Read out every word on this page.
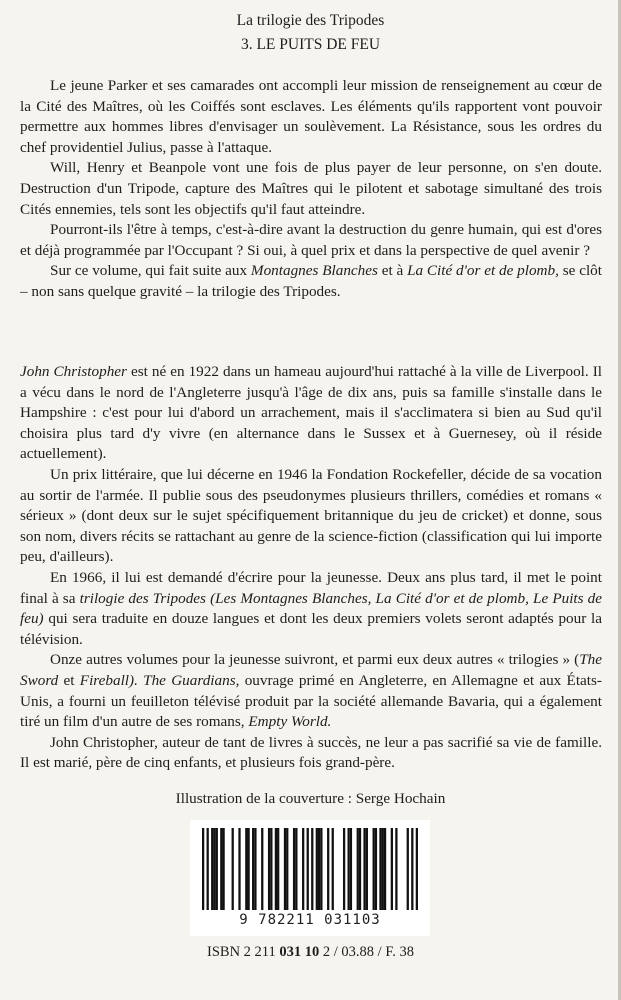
La trilogie des Tripodes
3. LE PUITS DE FEU

Le jeune Parker et ses camarades ont accompli leur mission de renseignement au cœur de la Cité des Maîtres, où les Coiffés sont esclaves. Les éléments qu'ils rapportent vont pouvoir permettre aux hommes libres d'envisager un soulèvement. La Résistance, sous les ordres du chef providentiel Julius, passe à l'attaque.

Will, Henry et Beanpole vont une fois de plus payer de leur personne, on s'en doute. Destruction d'un Tripode, capture des Maîtres qui le pilotent et sabotage simultané des trois Cités ennemies, tels sont les objectifs qu'il faut atteindre.

Pourront-ils l'être à temps, c'est-à-dire avant la destruction du genre humain, qui est d'ores et déjà programmée par l'Occupant ? Si oui, à quel prix et dans la perspective de quel avenir ?

Sur ce volume, qui fait suite aux Montagnes Blanches et à La Cité d'or et de plomb, se clôt – non sans quelque gravité – la trilogie des Tripodes.

John Christopher est né en 1922 dans un hameau aujourd'hui rattaché à la ville de Liverpool. Il a vécu dans le nord de l'Angleterre jusqu'à l'âge de dix ans, puis sa famille s'installe dans le Hampshire : c'est pour lui d'abord un arrachement, mais il s'acclimatera si bien au Sud qu'il choisira plus tard d'y vivre (en alternance dans le Sussex et à Guernesey, où il réside actuellement).

Un prix littéraire, que lui décerne en 1946 la Fondation Rockefeller, décide de sa vocation au sortir de l'armée. Il publie sous des pseudonymes plusieurs thrillers, comédies et romans « sérieux » (dont deux sur le sujet spécifiquement britannique du jeu de cricket) et donne, sous son nom, divers récits se rattachant au genre de la science-fiction (classification qui lui importe peu, d'ailleurs).

En 1966, il lui est demandé d'écrire pour la jeunesse. Deux ans plus tard, il met le point final à sa trilogie des Tripodes (Les Montagnes Blanches, La Cité d'or et de plomb, Le Puits de feu) qui sera traduite en douze langues et dont les deux premiers volets seront adaptés pour la télévision.

Onze autres volumes pour la jeunesse suivront, et parmi eux deux autres « trilogies » (The Sword et Fireball). The Guardians, ouvrage primé en Angleterre, en Allemagne et aux États-Unis, a fourni un feuilleton télévisé produit par la société allemande Bavaria, qui a également tiré un film d'un autre de ses romans, Empty World.

John Christopher, auteur de tant de livres à succès, ne leur a pas sacrifié sa vie de famille. Il est marié, père de cinq enfants, et plusieurs fois grand-père.

Illustration de la couverture : Serge Hochain
9 782211 031103
ISBN 2 211 031 10 2 / 03.88 / F. 38
